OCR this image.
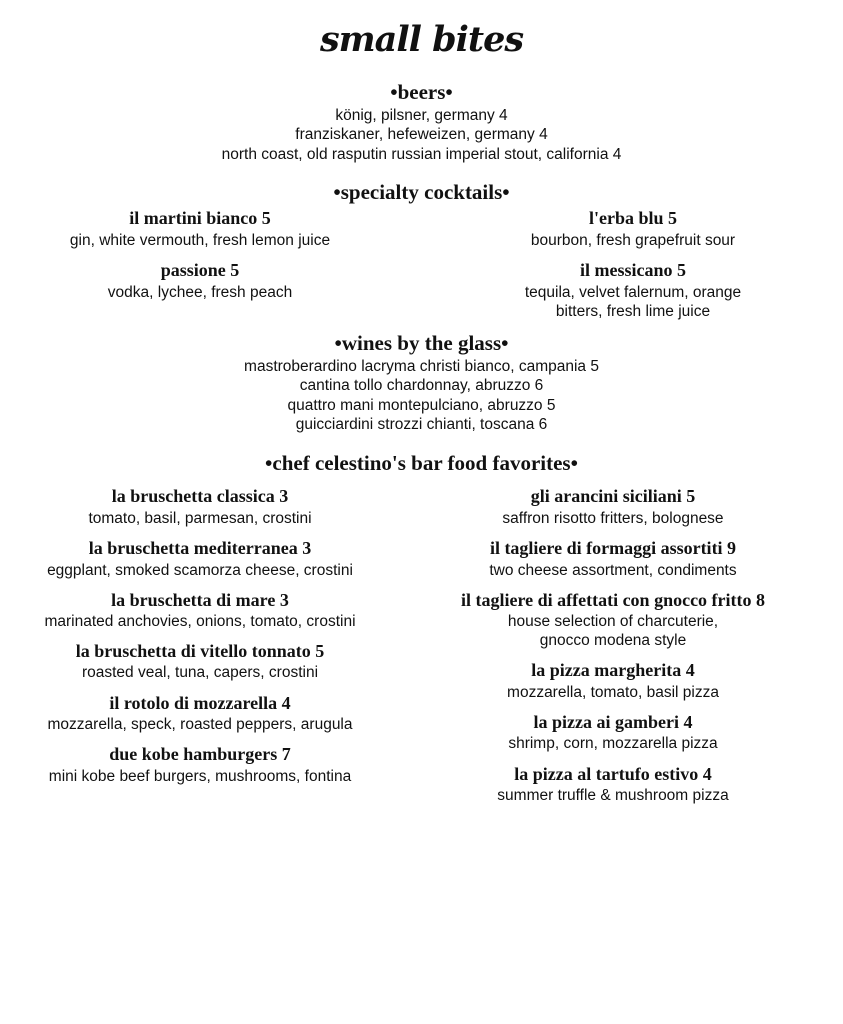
small bites
•beers•
könig, pilsner, germany 4
franziskaner, hefeweizen, germany 4
north coast, old rasputin russian imperial stout, california 4
•specialty cocktails•
il martini bianco 5
gin, white vermouth, fresh lemon juice
l'erba blu 5
bourbon, fresh grapefruit sour
passione 5
vodka, lychee, fresh peach
il messicano 5
tequila, velvet falernum, orange
bitters, fresh lime juice
•wines by the glass•
mastroberardino lacryma christi bianco, campania 5
cantina tollo chardonnay, abruzzo 6
quattro mani montepulciano, abruzzo 5
guicciardini strozzi chianti, toscana 6
•chef celestino's bar food favorites•
la bruschetta classica 3
tomato, basil, parmesan, crostini
la bruschetta mediterranea 3
eggplant, smoked scamorza cheese, crostini
la bruschetta di mare 3
marinated anchovies, onions, tomato, crostini
la bruschetta di vitello tonnato 5
roasted veal, tuna, capers, crostini
il rotolo di mozzarella 4
mozzarella, speck, roasted peppers, arugula
due kobe hamburgers 7
mini kobe beef burgers, mushrooms, fontina
gli arancini siciliani 5
saffron risotto fritters, bolognese
il tagliere di formaggi assortiti 9
two cheese assortment, condiments
il tagliere di affettati con gnocco fritto 8
house selection of charcuterie,
gnocco modena style
la pizza margherita 4
mozzarella, tomato, basil pizza
la pizza ai gamberi 4
shrimp, corn, mozzarella pizza
la pizza al tartufo estivo 4
summer truffle & mushroom pizza
